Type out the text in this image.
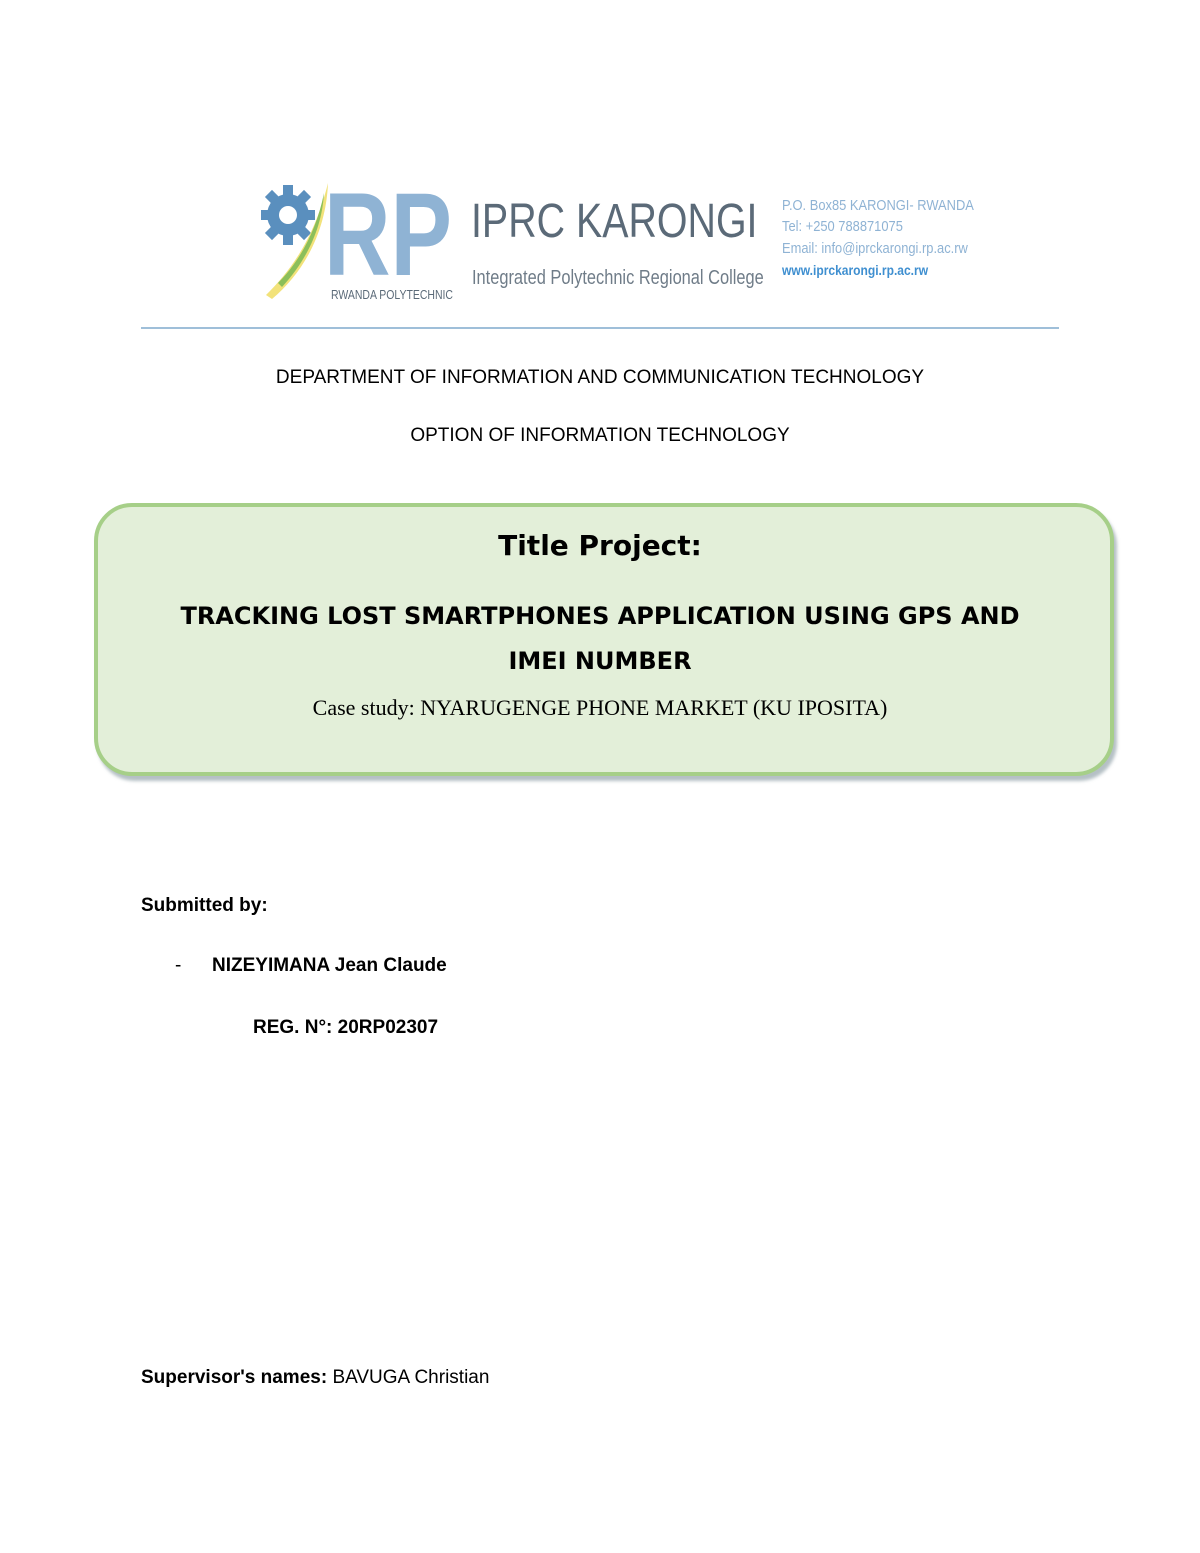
RP
RWANDA POLYTECHNIC
IPRC KARONGI
Integrated Polytechnic Regional College
P.O. Box85 KARONGI- RWANDA
Tel: +250 788871075
Email: info@iprckarongi.rp.ac.rw
www.iprckarongi.rp.ac.rw
DEPARTMENT OF INFORMATION AND COMMUNICATION TECHNOLOGY
OPTION OF INFORMATION TECHNOLOGY
Title Project:
TRACKING LOST SMARTPHONES APPLICATION USING GPS AND IMEI NUMBER
Case study: NYARUGENGE PHONE MARKET (KU IPOSITA)
Submitted by:
- NIZEYIMANA Jean Claude
REG. N°: 20RP02307
Supervisor's names: BAVUGA Christian
